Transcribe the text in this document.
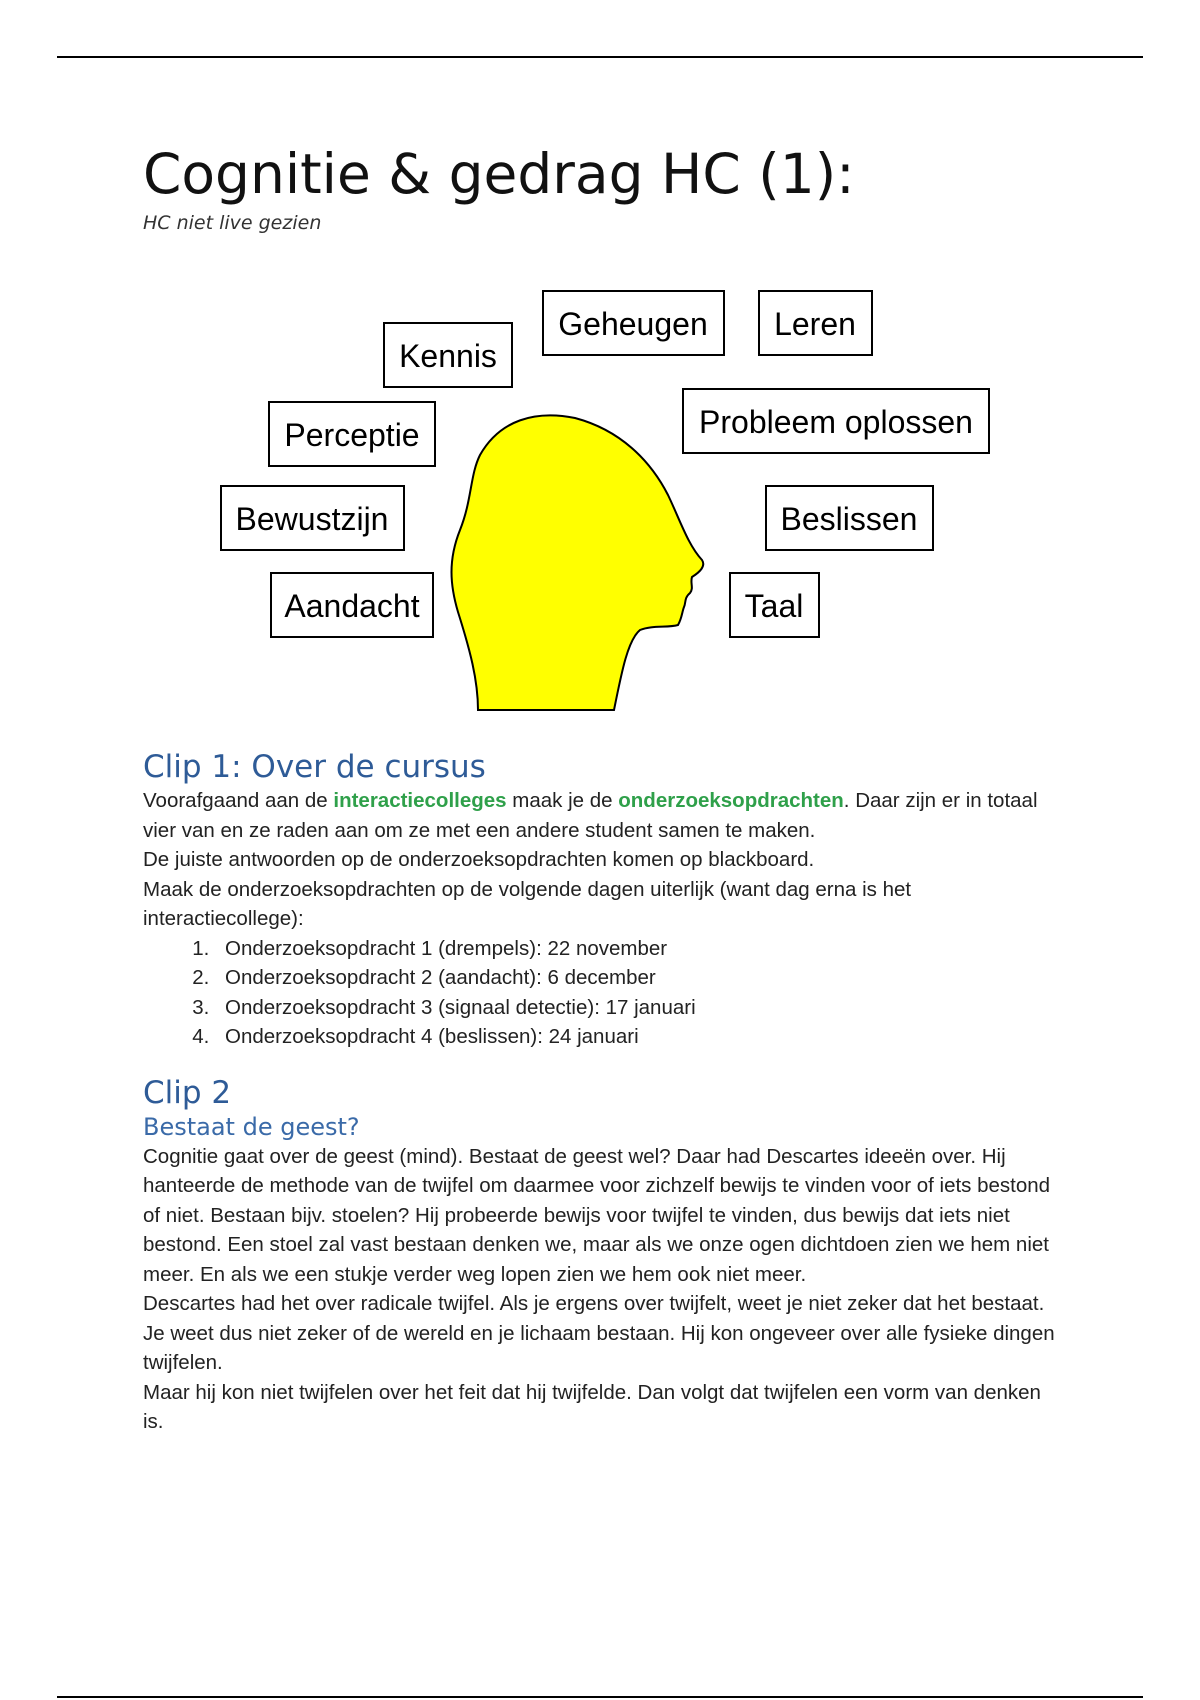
Cognitie & gedrag HC (1):
HC niet live gezien
Kennis
Geheugen Leren
Perceptie	Probleem oplossen
Bewustzijn	Beslissen
Aandacht	Taal
Clip 1: Over de cursus

Voorafgaand aan de interactiecolleges maak je de onderzoeksopdrachten. Daar zijn er in totaal vier van en ze raden aan om ze met een andere student samen te maken.

De juiste antwoorden op de onderzoeksopdrachten komen op blackboard.

Maak de onderzoeksopdrachten op de volgende dagen uiterlijk (want dag erna is het interactiecollege):

1. Onderzoeksopdracht 1 (drempels): 22 november
2. Onderzoeksopdracht 2 (aandacht): 6 december
3. Onderzoeksopdracht 3 (signaal detectie): 17 januari
4. Onderzoeksopdracht 4 (beslissen): 24 januari
Clip 2
Bestaat de geest?

Cognitie gaat over de geest (mind). Bestaat de geest wel? Daar had Descartes ideeën over. Hij hanteerde de methode van de twijfel om daarmee voor zichzelf bewijs te vinden voor of iets bestond of niet. Bestaan bijv. stoelen? Hij probeerde bewijs voor twijfel te vinden, dus bewijs dat iets niet bestond. Een stoel zal vast bestaan denken we, maar als we onze ogen dichtdoen zien we hem niet meer. En als we een stukje verder weg lopen zien we hem ook niet meer.

Descartes had het over radicale twijfel. Als je ergens over twijfelt, weet je niet zeker dat het bestaat. Je weet dus niet zeker of de wereld en je lichaam bestaan. Hij kon ongeveer over alle fysieke dingen twijfelen.

Maar hij kon niet twijfelen over het feit dat hij twijfelde. Dan volgt dat twijfelen een vorm van denken is.
